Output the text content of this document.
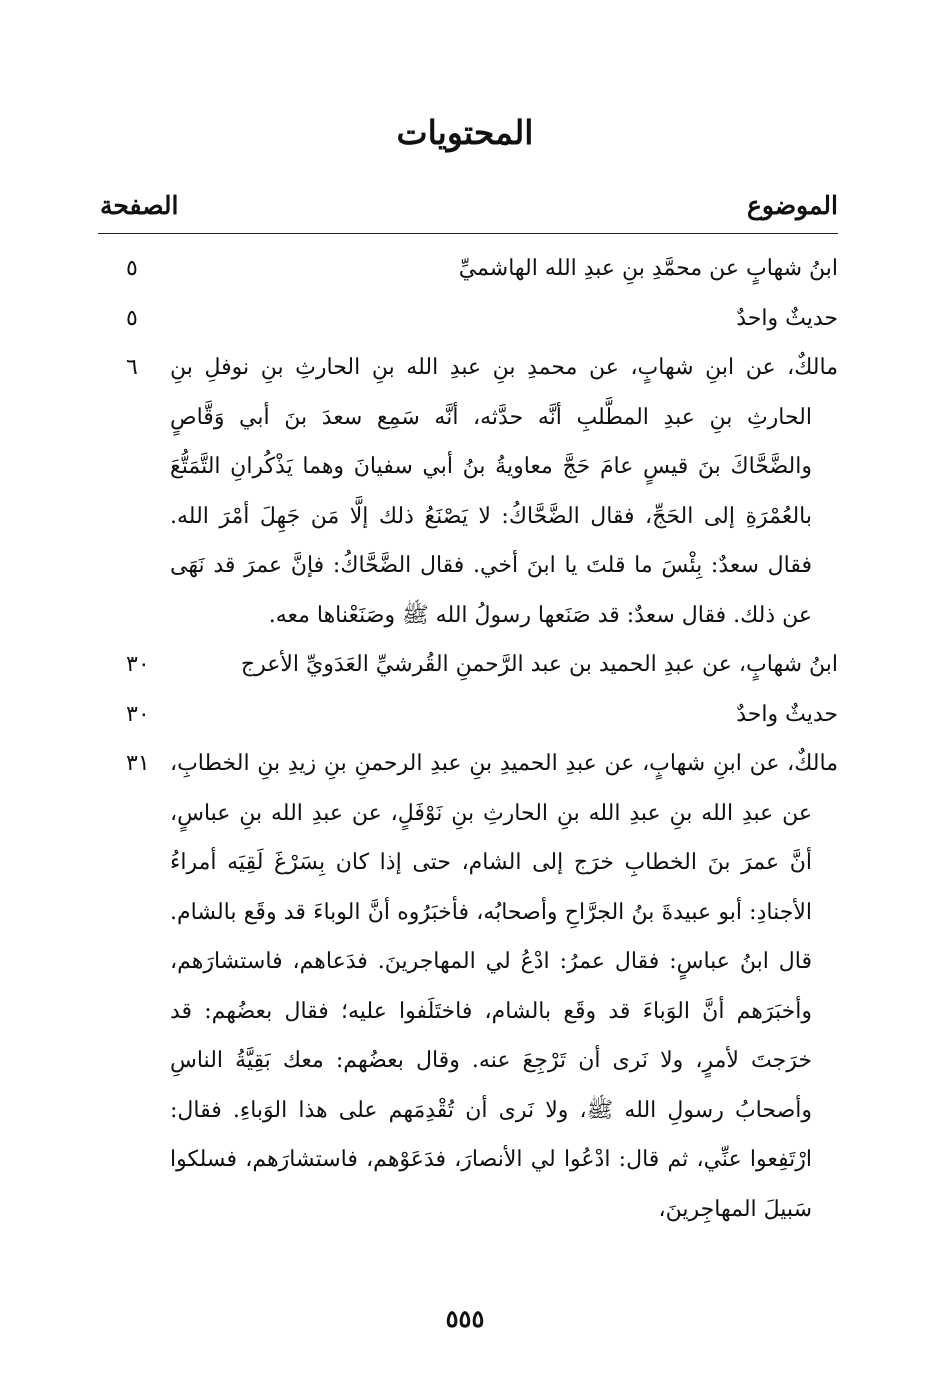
المحتويات
الموضوع
الصفحة
ابنُ شهابٍ عن محمَّدِ بنِ عبدِ الله الهاشميِّ
٥
حديثٌ واحدٌ
٥
مالكٌ، عن ابنِ شهابٍ، عن محمدِ بنِ عبدِ الله بنِ الحارثِ بنِ نوفلِ بنِ الحارثِ بنِ عبدِ المطَّلبِ أنَّه حدَّثه، أنَّه سَمِع سعدَ بنَ أبي وَقَّاصٍ والضَّحَّاكَ بنَ قيسٍ عامَ حَجَّ معاويةُ بنُ أبي سفيانَ وهما يَذْكُرانِ التَّمَتُّعَ بالعُمْرَةِ إلى الحَجِّ، فقال الضَّحَّاكُ: لا يَصْنَعُ ذلك إلَّا مَن جَهِلَ أمْرَ الله. فقال سعدٌ: بِئْسَ ما قلتَ يا ابنَ أخي. فقال الضَّحَّاكُ: فإنَّ عمرَ قد نَهَى عن ذلك. فقال سعدٌ: قد صَنَعها رسولُ الله ﷺ وصَنَعْناها معه.
٦
ابنُ شهابٍ، عن عبدِ الحميد بن عبد الرَّحمنِ القُرشيِّ العَدَويِّ الأعرج
٣٠
حديثٌ واحدٌ
٣٠
مالكٌ، عن ابنِ شهابٍ، عن عبدِ الحميدِ بنِ عبدِ الرحمنِ بنِ زيدِ بنِ الخطابِ، عن عبدِ الله بنِ عبدِ الله بنِ الحارثِ بنِ نَوْفَلٍ، عن عبدِ الله بنِ عباسٍ، أنَّ عمرَ بنَ الخطابِ خرَج إلى الشام، حتى إذا كان بِسَرْغَ لَقِيَه أمراءُ الأجنادِ: أبو عبيدةَ بنُ الجرَّاحِ وأصحابُه، فأخبَرُوه أنَّ الوباءَ قد وقَع بالشام. قال ابنُ عباسٍ: فقال عمرُ: ادْعُ لي المهاجرينَ. فدَعاهم، فاستشارَهم، وأخبَرَهم أنَّ الوَباءَ قد وقَع بالشام، فاختَلَفوا عليه؛ فقال بعضُهم: قد خرَجتَ لأمرٍ، ولا نَرى أن تَرْجِعَ عنه. وقال بعضُهم: معك بَقِيَّةُ الناسِ وأصحابُ رسولِ الله ﷺ، ولا نَرى أن تُقْدِمَهم على هذا الوَباءِ. فقال: ارْتَفِعوا عنِّي، ثم قال: ادْعُوا لي الأنصارَ، فدَعَوْهم، فاستشارَهم، فسلكوا سَبيلَ المهاجِرينَ،
٣١
٥٥٥
